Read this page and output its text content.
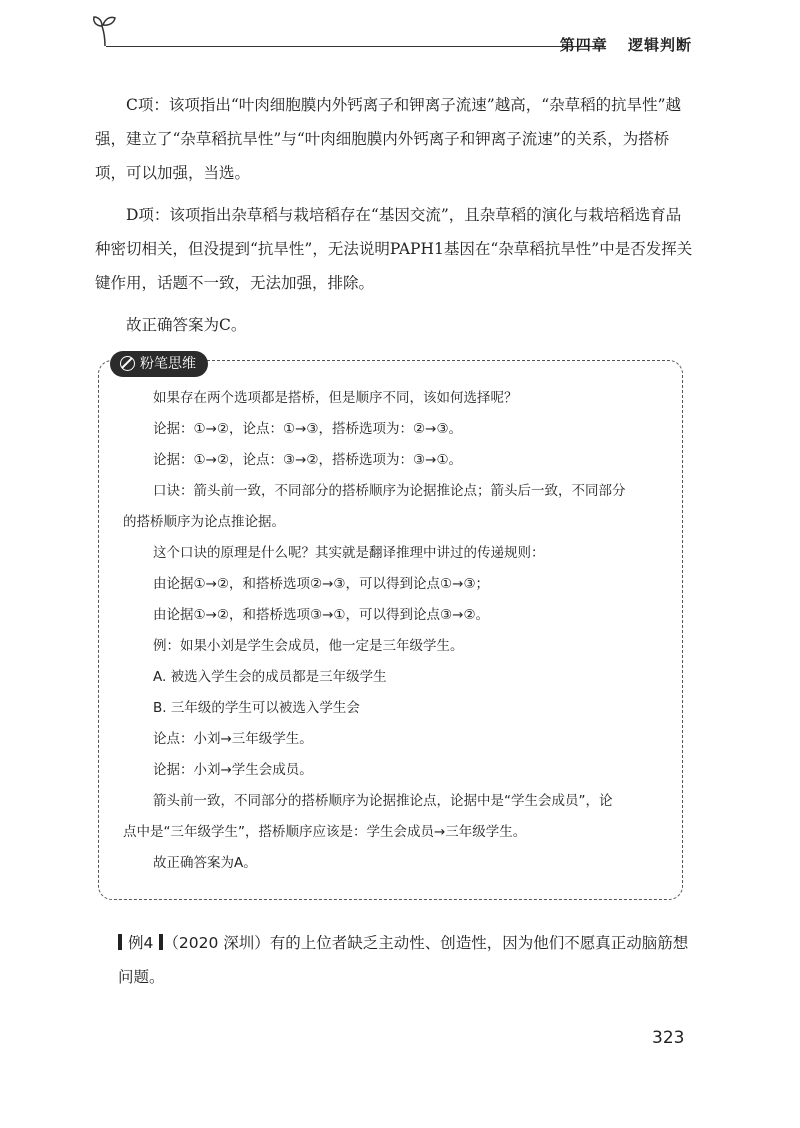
第四章 逻辑判断

C项：该项指出“叶肉细胞膜内外钙离子和钾离子流速”越高，“杂草稻的抗旱性”越强，建立了“杂草稻抗旱性”与“叶肉细胞膜内外钙离子和钾离子流速”的关系，为搭桥项，可以加强，当选。

D项：该项指出杂草稻与栽培稻存在“基因交流”，且杂草稻的演化与栽培稻选育品种密切相关，但没提到“抗旱性”，无法说明PAPH1基因在“杂草稻抗旱性”中是否发挥关键作用，话题不一致，无法加强，排除。

故正确答案为C。

粉笔思维

如果存在两个选项都是搭桥，但是顺序不同，该如何选择呢？

论据：①→②，论点：①→③，搭桥选项为：②→③。

论据：①→②，论点：③→②，搭桥选项为：③→①。

口诀：箭头前一致，不同部分的搭桥顺序为论据推论点；箭头后一致，不同部分

的搭桥顺序为论点推论据。

这个口诀的原理是什么呢？其实就是翻译推理中讲过的传递规则：

由论据①→②，和搭桥选项②→③，可以得到论点①→③；

由论据①→②，和搭桥选项③→①，可以得到论点③→②。

例：如果小刘是学生会成员，他一定是三年级学生。

A. 被选入学生会的成员都是三年级学生

B. 三年级的学生可以被选入学生会

论点：小刘→三年级学生。

论据：小刘→学生会成员。

箭头前一致，不同部分的搭桥顺序为论据推论点，论据中是“学生会成员”，论

点中是“三年级学生”，搭桥顺序应该是：学生会成员→三年级学生。

故正确答案为A。

例4 （2020 深圳）有的上位者缺乏主动性、创造性，因为他们不愿真正动脑筋想问题。
323
